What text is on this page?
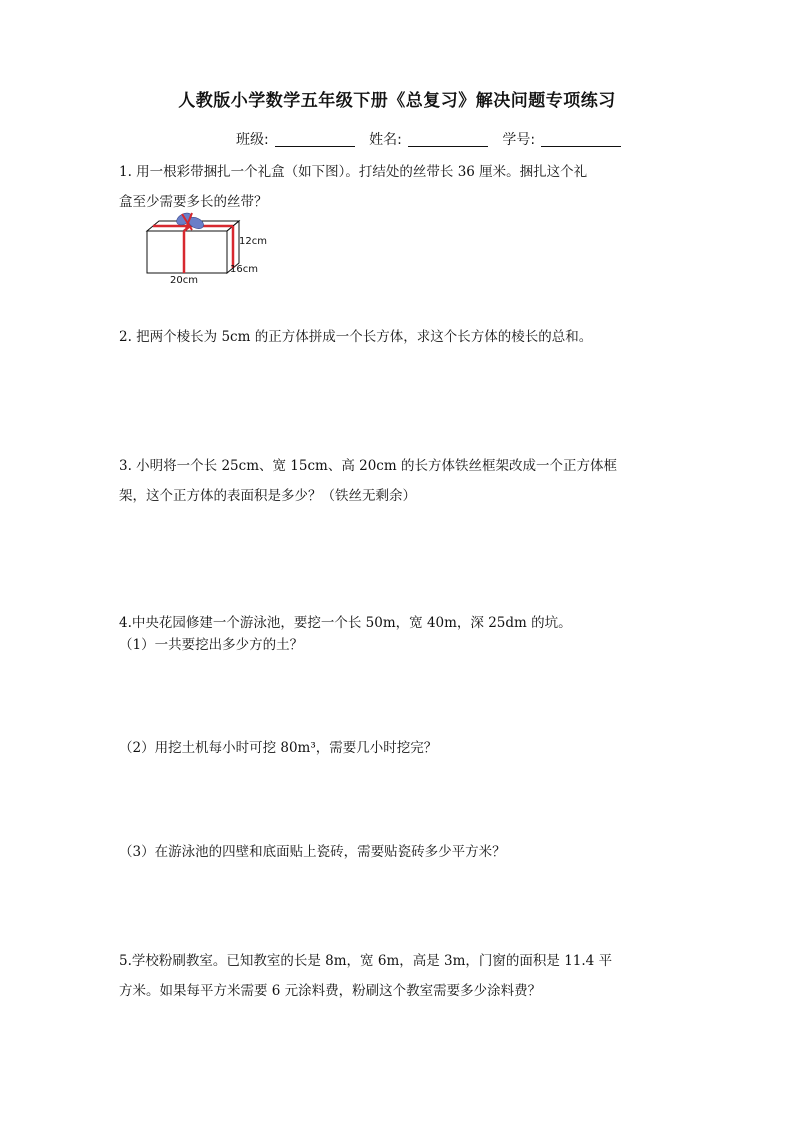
人教版小学数学五年级下册《总复习》解决问题专项练习
班级:	姓名:	学号:
1. 用一根彩带捆扎一个礼盒（如下图）。打结处的丝带长 36 厘米。捆扎这个礼
盒至少需要多长的丝带？
12cm
16cm
20cm
2. 把两个棱长为 5cm 的正方体拼成一个长方体，求这个长方体的棱长的总和。
3. 小明将一个长 25cm、宽 15cm、高 20cm 的长方体铁丝框架改成一个正方体框
架，这个正方体的表面积是多少？（铁丝无剩余）
4.中央花园修建一个游泳池，要挖一个长 50m，宽 40m，深 25dm 的坑。
（1）一共要挖出多少方的土？
（2）用挖土机每小时可挖 80m³，需要几小时挖完？
（3）在游泳池的四壁和底面贴上瓷砖，需要贴瓷砖多少平方米？
5.学校粉刷教室。已知教室的长是 8m，宽 6m，高是 3m，门窗的面积是 11.4 平
方米。如果每平方米需要 6 元涂料费，粉刷这个教室需要多少涂料费？
